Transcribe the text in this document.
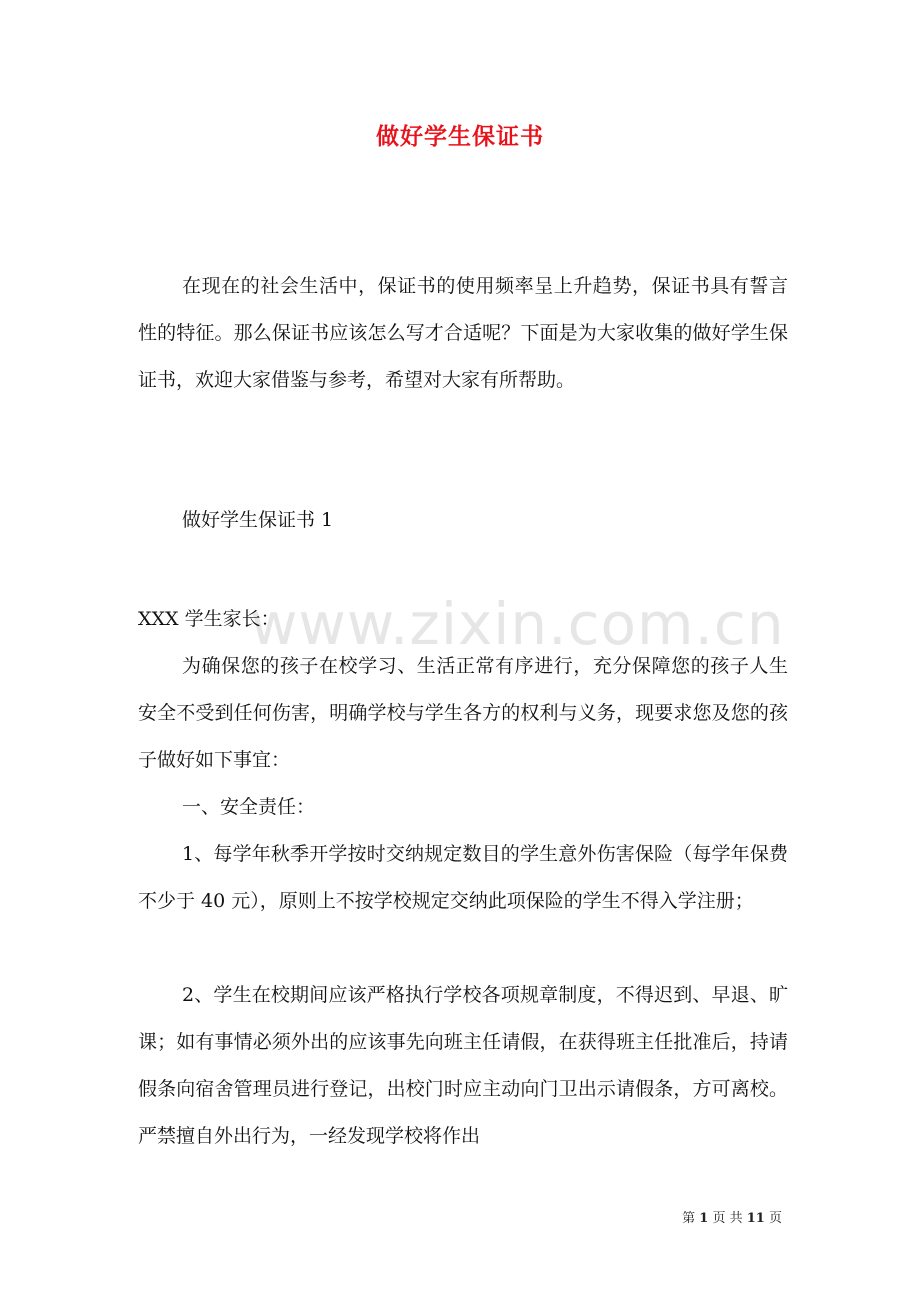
做好学生保证书
在现在的社会生活中，保证书的使用频率呈上升趋势，保证书具有誓言性的特征。那么保证书应该怎么写才合适呢？下面是为大家收集的做好学生保证书，欢迎大家借鉴与参考，希望对大家有所帮助。
做好学生保证书 1
www.zixin.com.cn
XXX 学生家长：
为确保您的孩子在校学习、生活正常有序进行，充分保障您的孩子人生安全不受到任何伤害，明确学校与学生各方的权利与义务，现要求您及您的孩子做好如下事宜：
一、安全责任：
1、每学年秋季开学按时交纳规定数目的学生意外伤害保险（每学年保费不少于 40 元），原则上不按学校规定交纳此项保险的学生不得入学注册；
2、学生在校期间应该严格执行学校各项规章制度，不得迟到、早退、旷课；如有事情必须外出的应该事先向班主任请假，在获得班主任批准后，持请假条向宿舍管理员进行登记，出校门时应主动向门卫出示请假条，方可离校。严禁擅自外出行为，一经发现学校将作出
第 1 页 共 11 页
